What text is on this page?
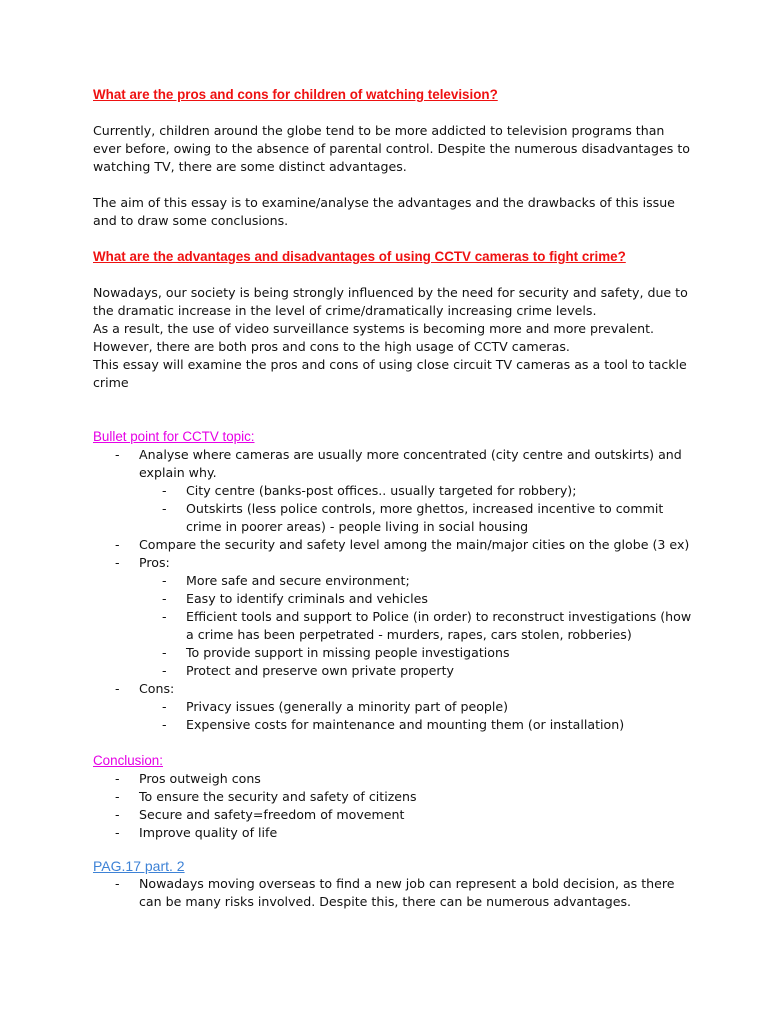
What are the pros and cons for children of watching television?

Currently, children around the globe tend to be more addicted to television programs than ever before, owing to the absence of parental control. Despite the numerous disadvantages to watching TV, there are some distinct advantages.

The aim of this essay is to examine/analyse the advantages and the drawbacks of this issue and to draw some conclusions.

What are the advantages and disadvantages of using CCTV cameras to fight crime?

Nowadays, our society is being strongly influenced by the need for security and safety, due to the dramatic increase in the level of crime/dramatically increasing crime levels.

As a result, the use of video surveillance systems is becoming more and more prevalent.

However, there are both pros and cons to the high usage of CCTV cameras.

This essay will examine the pros and cons of using close circuit TV cameras as a tool to tackle crime

Bullet point for CCTV topic:

- Analyse where cameras are usually more concentrated (city centre and outskirts) and explain why.
- City centre (banks-post offices.. usually targeted for robbery);
- Outskirts (less police controls, more ghettos, increased incentive to commit crime in poorer areas) - people living in social housing
- Compare the security and safety level among the main/major cities on the globe (3 ex)
- Pros:
- More safe and secure environment;
- Easy to identify criminals and vehicles
- Efficient tools and support to Police (in order) to reconstruct investigations (how a crime has been perpetrated - murders, rapes, cars stolen, robberies)
- To provide support in missing people investigations
- Protect and preserve own private property
- Cons:
- Privacy issues (generally a minority part of people)
- Expensive costs for maintenance and mounting them (or installation)

Conclusion:

- Pros outweigh cons
- To ensure the security and safety of citizens
- Secure and safety=freedom of movement
- Improve quality of life

PAG.17 part. 2

- Nowadays moving overseas to find a new job can represent a bold decision, as there can be many risks involved. Despite this, there can be numerous advantages.
